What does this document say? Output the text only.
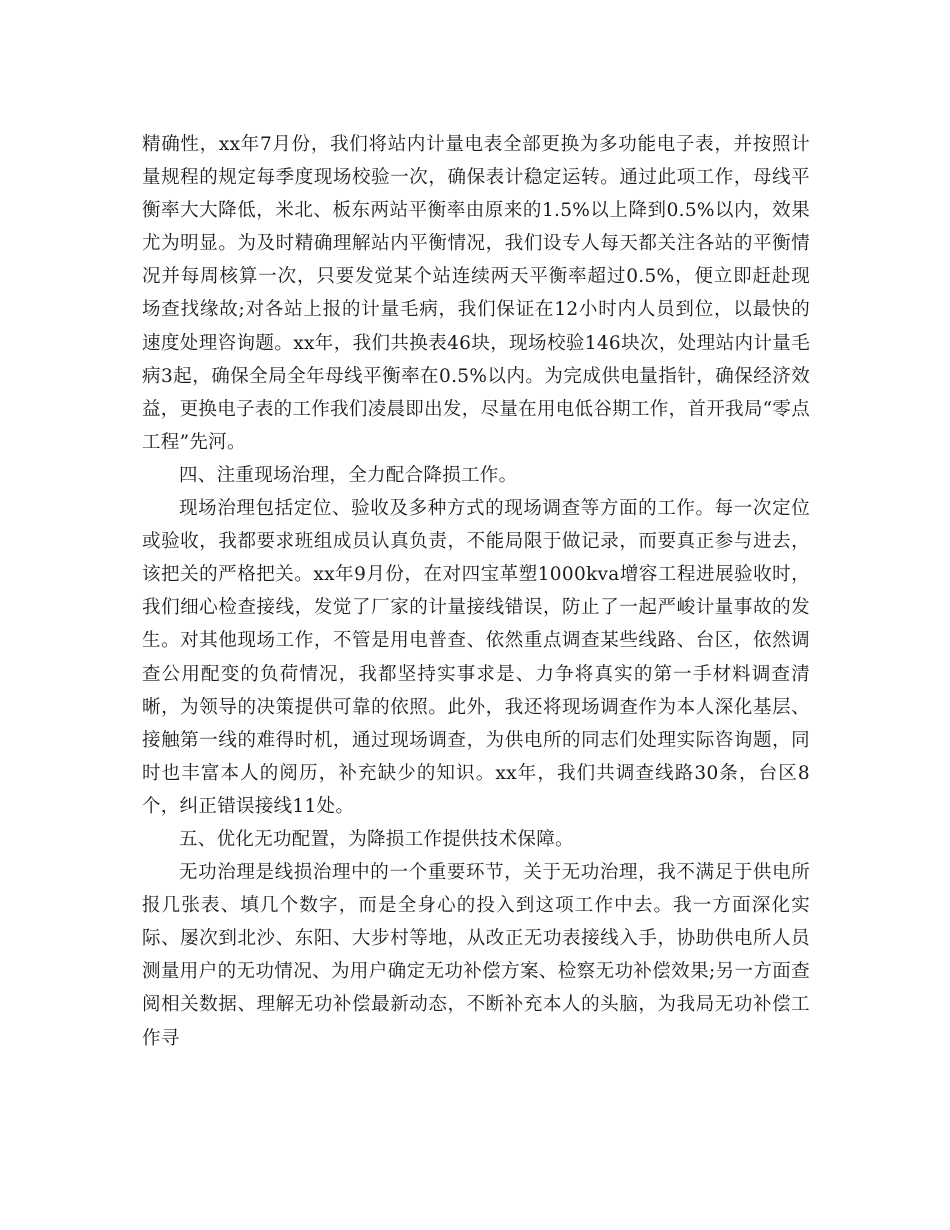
精确性，xx年7月份，我们将站内计量电表全部更换为多功能电子表，并按照计量规程的规定每季度现场校验一次，确保表计稳定运转。通过此项工作，母线平衡率大大降低，米北、板东两站平衡率由原来的1.5%以上降到0.5%以内，效果尤为明显。为及时精确理解站内平衡情况，我们设专人每天都关注各站的平衡情况并每周核算一次，只要发觉某个站连续两天平衡率超过0.5%，便立即赶赴现场查找缘故;对各站上报的计量毛病，我们保证在12小时内人员到位，以最快的速度处理咨询题。xx年，我们共换表46块，现场校验146块次，处理站内计量毛病3起，确保全局全年母线平衡率在0.5%以内。为完成供电量指针，确保经济效益，更换电子表的工作我们凌晨即出发，尽量在用电低谷期工作，首开我局“零点工程”先河。

四、注重现场治理，全力配合降损工作。

现场治理包括定位、验收及多种方式的现场调查等方面的工作。每一次定位或验收，我都要求班组成员认真负责，不能局限于做记录，而要真正参与进去，该把关的严格把关。xx年9月份，在对四宝革塑1000kva增容工程进展验收时，我们细心检查接线，发觉了厂家的计量接线错误，防止了一起严峻计量事故的发生。对其他现场工作，不管是用电普查、依然重点调查某些线路、台区，依然调查公用配变的负荷情况，我都坚持实事求是、力争将真实的第一手材料调查清晰，为领导的决策提供可靠的依照。此外，我还将现场调查作为本人深化基层、接触第一线的难得时机，通过现场调查，为供电所的同志们处理实际咨询题，同时也丰富本人的阅历，补充缺少的知识。xx年，我们共调查线路30条，台区8个，纠正错误接线11处。

五、优化无功配置，为降损工作提供技术保障。

无功治理是线损治理中的一个重要环节，关于无功治理，我不满足于供电所报几张表、填几个数字，而是全身心的投入到这项工作中去。我一方面深化实际、屡次到北沙、东阳、大步村等地，从改正无功表接线入手，协助供电所人员测量用户的无功情况、为用户确定无功补偿方案、检察无功补偿效果;另一方面查阅相关数据、理解无功补偿最新动态，不断补充本人的头脑，为我局无功补偿工作寻
